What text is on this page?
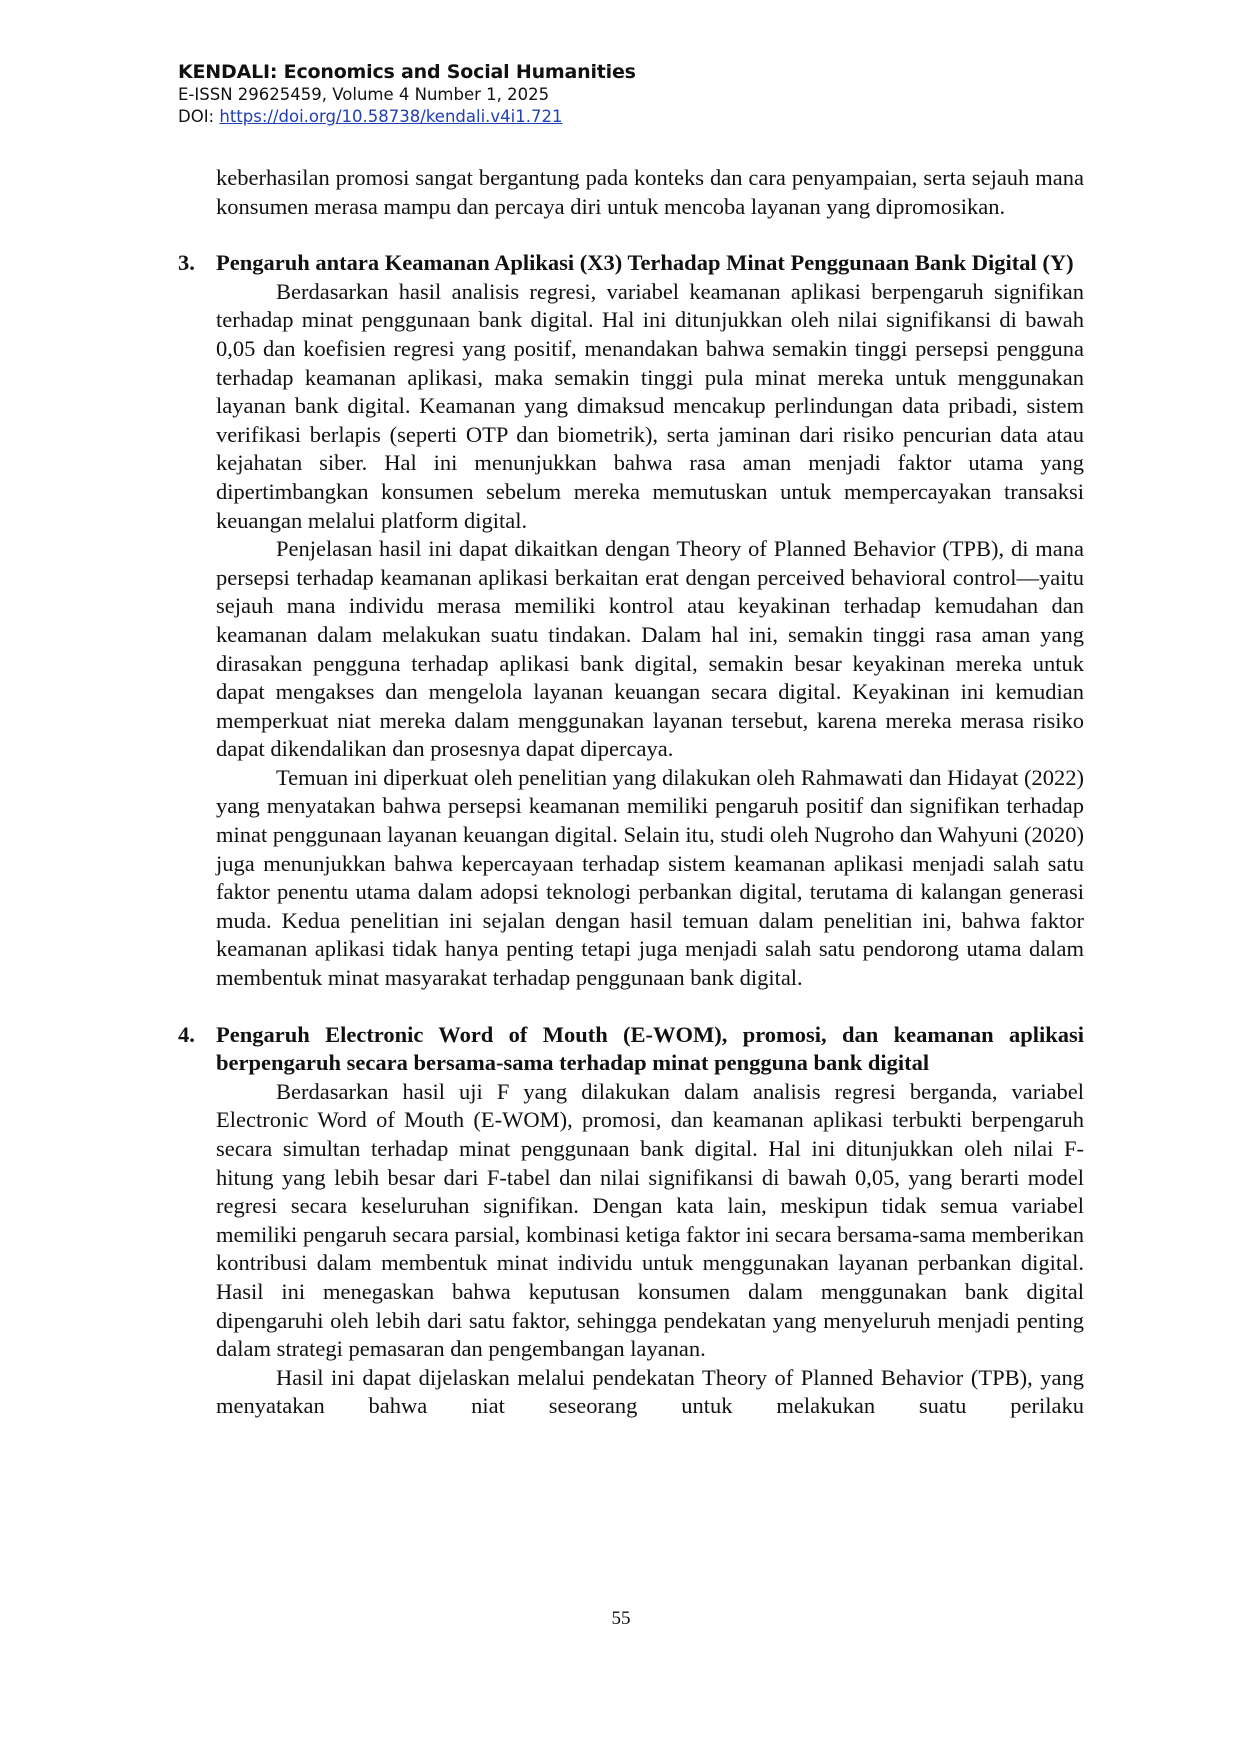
KENDALI: Economics and Social Humanities
E-ISSN 29625459, Volume 4 Number 1, 2025
DOI: https://doi.org/10.58738/kendali.v4i1.721

keberhasilan promosi sangat bergantung pada konteks dan cara penyampaian, serta sejauh mana konsumen merasa mampu dan percaya diri untuk mencoba layanan yang dipromosikan.

3. Pengaruh antara Keamanan Aplikasi (X3) Terhadap Minat Penggunaan Bank Digital (Y)

Berdasarkan hasil analisis regresi, variabel keamanan aplikasi berpengaruh signifikan terhadap minat penggunaan bank digital. Hal ini ditunjukkan oleh nilai signifikansi di bawah 0,05 dan koefisien regresi yang positif, menandakan bahwa semakin tinggi persepsi pengguna terhadap keamanan aplikasi, maka semakin tinggi pula minat mereka untuk menggunakan layanan bank digital. Keamanan yang dimaksud mencakup perlindungan data pribadi, sistem verifikasi berlapis (seperti OTP dan biometrik), serta jaminan dari risiko pencurian data atau kejahatan siber. Hal ini menunjukkan bahwa rasa aman menjadi faktor utama yang dipertimbangkan konsumen sebelum mereka memutuskan untuk mempercayakan transaksi keuangan melalui platform digital.

Penjelasan hasil ini dapat dikaitkan dengan Theory of Planned Behavior (TPB), di mana persepsi terhadap keamanan aplikasi berkaitan erat dengan perceived behavioral control—yaitu sejauh mana individu merasa memiliki kontrol atau keyakinan terhadap kemudahan dan keamanan dalam melakukan suatu tindakan. Dalam hal ini, semakin tinggi rasa aman yang dirasakan pengguna terhadap aplikasi bank digital, semakin besar keyakinan mereka untuk dapat mengakses dan mengelola layanan keuangan secara digital. Keyakinan ini kemudian memperkuat niat mereka dalam menggunakan layanan tersebut, karena mereka merasa risiko dapat dikendalikan dan prosesnya dapat dipercaya.

Temuan ini diperkuat oleh penelitian yang dilakukan oleh Rahmawati dan Hidayat (2022) yang menyatakan bahwa persepsi keamanan memiliki pengaruh positif dan signifikan terhadap minat penggunaan layanan keuangan digital. Selain itu, studi oleh Nugroho dan Wahyuni (2020) juga menunjukkan bahwa kepercayaan terhadap sistem keamanan aplikasi menjadi salah satu faktor penentu utama dalam adopsi teknologi perbankan digital, terutama di kalangan generasi muda. Kedua penelitian ini sejalan dengan hasil temuan dalam penelitian ini, bahwa faktor keamanan aplikasi tidak hanya penting tetapi juga menjadi salah satu pendorong utama dalam membentuk minat masyarakat terhadap penggunaan bank digital.

4. Pengaruh Electronic Word of Mouth (E-WOM), promosi, dan keamanan aplikasi berpengaruh secara bersama-sama terhadap minat pengguna bank digital

Berdasarkan hasil uji F yang dilakukan dalam analisis regresi berganda, variabel Electronic Word of Mouth (E-WOM), promosi, dan keamanan aplikasi terbukti berpengaruh secara simultan terhadap minat penggunaan bank digital. Hal ini ditunjukkan oleh nilai F- hitung yang lebih besar dari F-tabel dan nilai signifikansi di bawah 0,05, yang berarti model regresi secara keseluruhan signifikan. Dengan kata lain, meskipun tidak semua variabel memiliki pengaruh secara parsial, kombinasi ketiga faktor ini secara bersama-sama memberikan kontribusi dalam membentuk minat individu untuk menggunakan layanan perbankan digital. Hasil ini menegaskan bahwa keputusan konsumen dalam menggunakan bank digital dipengaruhi oleh lebih dari satu faktor, sehingga pendekatan yang menyeluruh menjadi penting dalam strategi pemasaran dan pengembangan layanan.

Hasil ini dapat dijelaskan melalui pendekatan Theory of Planned Behavior (TPB), yang menyatakan bahwa niat seseorang untuk melakukan suatu perilaku

55
